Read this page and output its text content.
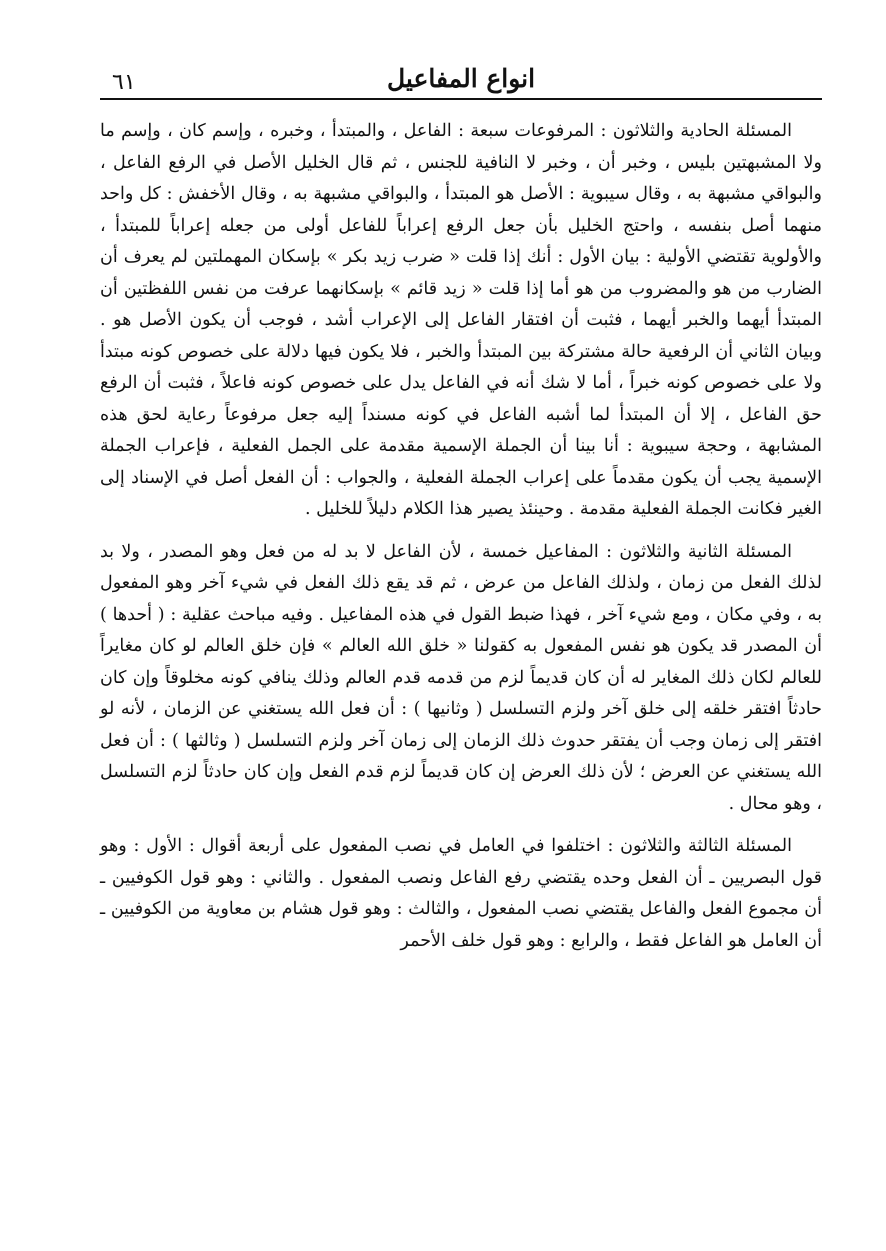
٦١	انواع المفاعيل

المسئلة الحادية والثلاثون : المرفوعات سبعة : الفاعل ، والمبتدأ ، وخبره ، وإسم كان ، وإسم ما ولا المشبهتين بليس ، وخبر أن ، وخبر لا النافية للجنس ، ثم قال الخليل الأصل في الرفع الفاعل ، والبواقي مشبهة به ، وقال سيبوية : الأصل هو المبتدأ ، والبواقي مشبهة به ، وقال الأخفش : كل واحد منهما أصل بنفسه ، واحتج الخليل بأن جعل الرفع إعراباً للفاعل أولى من جعله إعراباً للمبتدأ ، والأولوية تقتضي الأولية : بيان الأول : أنك إذا قلت « ضرب زيد بكر » بإسكان المهملتين لم يعرف أن الضارب من هو والمضروب من هو أما إذا قلت « زيد قائم » بإسكانهما عرفت من نفس اللفظتين أن المبتدأ أيهما والخبر أيهما ، فثبت أن افتقار الفاعل إلى الإعراب أشد ، فوجب أن يكون الأصل هو . وبيان الثاني أن الرفعية حالة مشتركة بين المبتدأ والخبر ، فلا يكون فيها دلالة على خصوص كونه مبتدأ ولا على خصوص كونه خبراً ، أما لا شك أنه في الفاعل يدل على خصوص كونه فاعلاً ، فثبت أن الرفع حق الفاعل ، إلا أن المبتدأ لما أشبه الفاعل في كونه مسنداً إليه جعل مرفوعاً رعاية لحق هذه المشابهة ، وحجة سيبوية : أنا بينا أن الجملة الإسمية مقدمة على الجمل الفعلية ، فإعراب الجملة الإسمية يجب أن يكون مقدماً على إعراب الجملة الفعلية ، والجواب : أن الفعل أصل في الإسناد إلى الغير فكانت الجملة الفعلية مقدمة . وحينئذ يصير هذا الكلام دليلاً للخليل .

المسئلة الثانية والثلاثون : المفاعيل خمسة ، لأن الفاعل لا بد له من فعل وهو المصدر ، ولا بد لذلك الفعل من زمان ، ولذلك الفاعل من عرض ، ثم قد يقع ذلك الفعل في شيء آخر وهو المفعول به ، وفي مكان ، ومع شيء آخر ، فهذا ضبط القول في هذه المفاعيل . وفيه مباحث عقلية : ( أحدها ) أن المصدر قد يكون هو نفس المفعول به كقولنا « خلق الله العالم » فإن خلق العالم لو كان مغايراً للعالم لكان ذلك المغاير له أن كان قديماً لزم من قدمه قدم العالم وذلك ينافي كونه مخلوقاً وإن كان حادثاً افتقر خلقه إلى خلق آخر ولزم التسلسل ( وثانيها ) : أن فعل الله يستغني عن الزمان ، لأنه لو افتقر إلى زمان وجب أن يفتقر حدوث ذلك الزمان إلى زمان آخر ولزم التسلسل ( وثالثها ) : أن فعل الله يستغني عن العرض ؛ لأن ذلك العرض إن كان قديماً لزم قدم الفعل وإن كان حادثاً لزم التسلسل ، وهو محال .

المسئلة الثالثة والثلاثون : اختلفوا في العامل في نصب المفعول على أربعة أقوال : الأول : وهو قول البصريين ـ أن الفعل وحده يقتضي رفع الفاعل ونصب المفعول . والثاني : وهو قول الكوفيين ـ أن مجموع الفعل والفاعل يقتضي نصب المفعول ، والثالث : وهو قول هشام بن معاوية من الكوفيين ـ أن العامل هو الفاعل فقط ، والرابع : وهو قول خلف الأحمر
